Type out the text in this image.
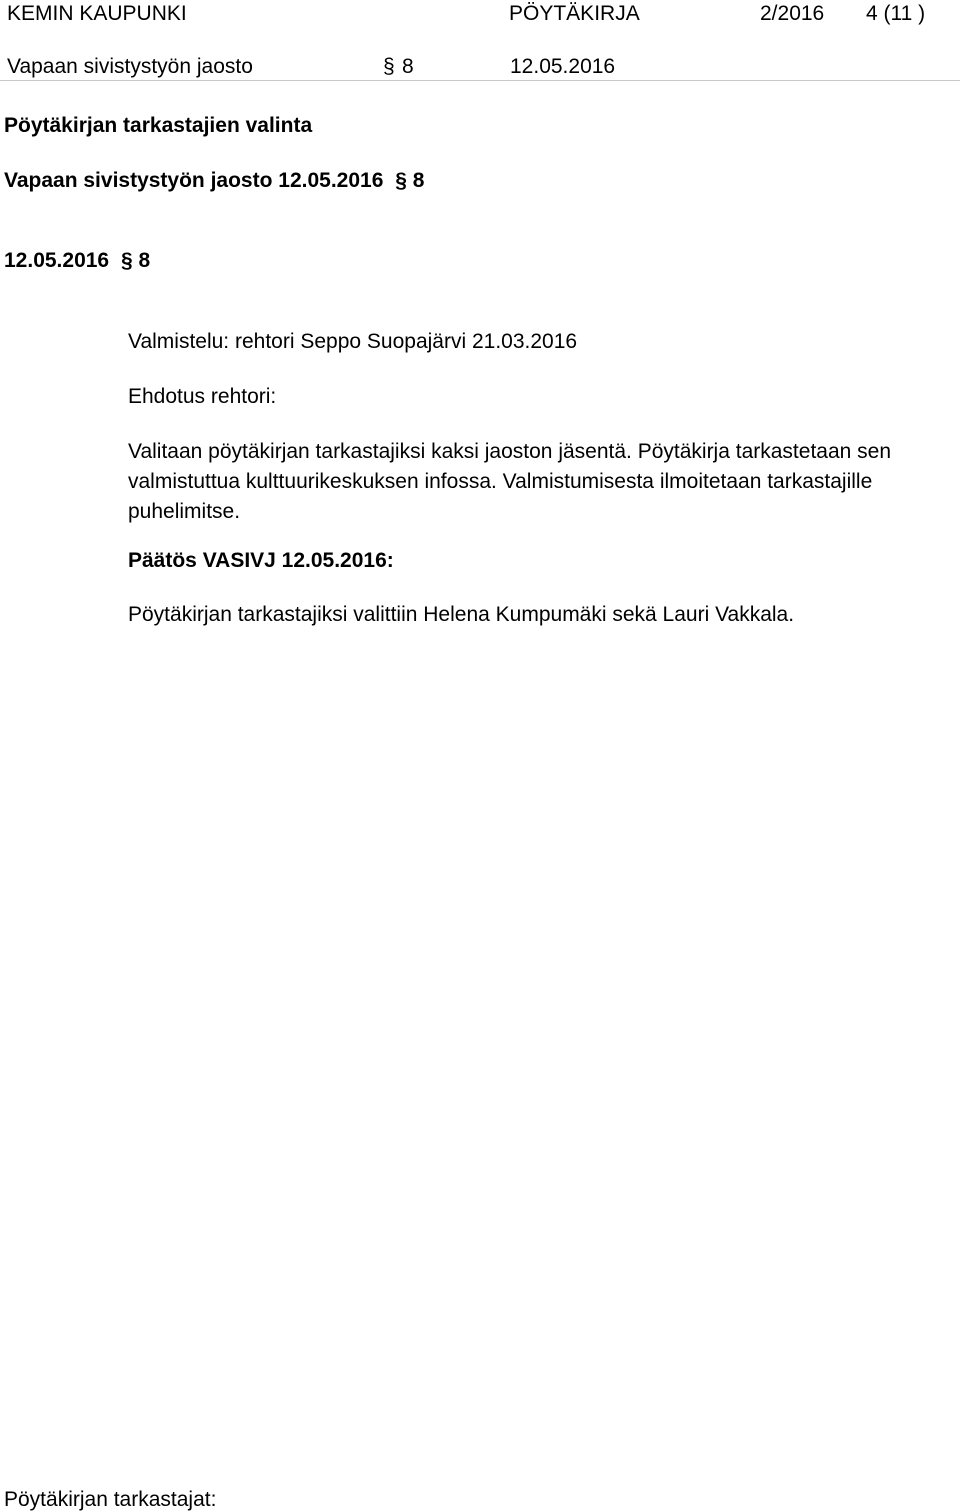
KEMIN KAUPUNKI	PÖYTÄKIRJA	2/2016 4 (11 )
Vapaan sivistystyön jaosto	§ 8	12.05.2016
Pöytäkirjan tarkastajien valinta
Vapaan sivistystyön jaosto 12.05.2016 § 8
12.05.2016 § 8
Valmistelu: rehtori Seppo Suopajärvi 21.03.2016
Ehdotus rehtori:
Valitaan pöytäkirjan tarkastajiksi kaksi jaoston jäsentä. Pöytäkirja tarkastetaan sen valmistuttua kulttuurikeskuksen infossa. Valmistumisesta ilmoitetaan tarkastajille puhelimitse.
Päätös VASIVJ 12.05.2016:
Pöytäkirjan tarkastajiksi valittiin Helena Kumpumäki sekä Lauri Vakkala.
Pöytäkirjan tarkastajat:
